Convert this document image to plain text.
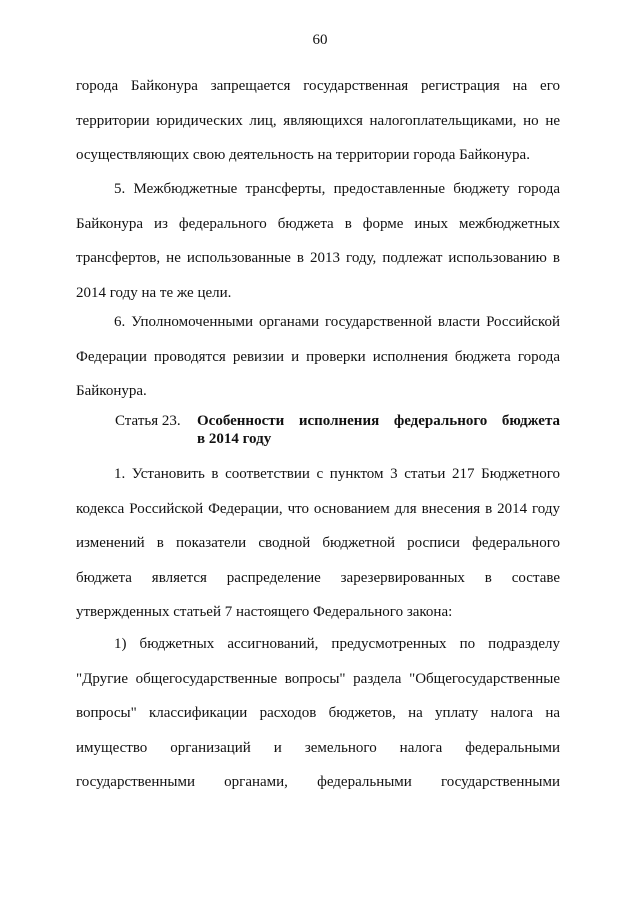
60
города Байконура запрещается государственная регистрация на его
территории юридических лиц, являющихся налогоплательщиками, но не
осуществляющих свою деятельность на территории города Байконура.
5. Межбюджетные трансферты, предоставленные бюджету города
Байконура из федерального бюджета в форме иных межбюджетных
трансфертов, не использованные в 2013 году, подлежат использованию в
2014 году на те же цели.
6. Уполномоченными органами государственной власти Российской
Федерации проводятся ревизии и проверки исполнения бюджета города
Байконура.
Статья 23.	Особенности исполнения федерального бюджета
в 2014 году
1. Установить в соответствии с пунктом 3 статьи 217 Бюджетного
кодекса Российской Федерации, что основанием для внесения в 2014 году
изменений в показатели сводной бюджетной росписи федерального
бюджета является распределение зарезервированных в составе
утвержденных статьей 7 настоящего Федерального закона:
1) бюджетных ассигнований, предусмотренных по подразделу
"Другие общегосударственные вопросы" раздела "Общегосударственные
вопросы" классификации расходов бюджетов, на уплату налога на
имущество организаций и земельного налога федеральными
государственными органами, федеральными государственными
